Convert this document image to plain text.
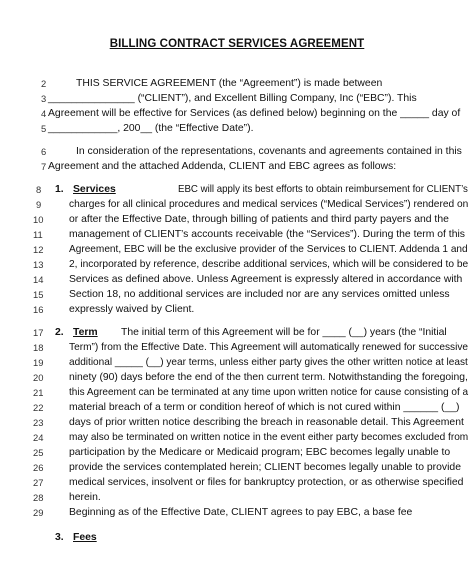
BILLING CONTRACT SERVICES AGREEMENT
2	THIS SERVICE AGREEMENT (the “Agreement”) is made between
3 _______________ (“CLIENT”), and Excellent Billing Company, Inc (“EBC”). This
4 Agreement will be effective for Services (as defined below) beginning on the _____ day of
5 ____________, 200__ (the “Effective Date”).
6	In consideration of the representations, covenants and agreements contained in this
7 Agreement and the attached Addenda, CLIENT and EBC agrees as follows:
8 1. Services	EBC will apply its best efforts to obtain reimbursement for CLIENT’s
9	charges for all clinical procedures and medical services (“Medical Services”) rendered on
10 or after the Effective Date, through billing of patients and third party payers and the
11	management of CLIENT’s accounts receivable (the “Services”). During the term of this
12 Agreement, EBC will be the exclusive provider of the Services to CLIENT. Addenda 1 and
13 2, incorporated by reference, describe additional services, which will be considered to be
14 Services as defined above. Unless Agreement is expressly altered in accordance with
15 Section 18, no additional services are included nor are any services omitted unless
16 expressly waived by Client.
17 2. Term The initial term of this Agreement will be for ____ (__) years (the “Initial
18 Term”) from the Effective Date. This Agreement will automatically renewed for successive
19 additional _____ (__) year terms, unless either party gives the other written notice at least
20 ninety (90) days before the end of the then current term. Notwithstanding the foregoing,
21 this Agreement can be terminated at any time upon written notice for cause consisting of a
22 material breach of a term or condition hereof of which is not cured within ______ (__)
23 days of prior written notice describing the breach in reasonable detail. This Agreement
24 may also be terminated on written notice in the event either party becomes excluded from
25 participation by the Medicare or Medicaid program; EBC becomes legally unable to
26 provide the services contemplated herein; CLIENT becomes legally unable to provide
27 medical services, insolvent or files for bankruptcy protection, or as otherwise specified
28 herein.
29 Beginning as of the Effective Date, CLIENT agrees to pay EBC, a base fee
3. Fees
